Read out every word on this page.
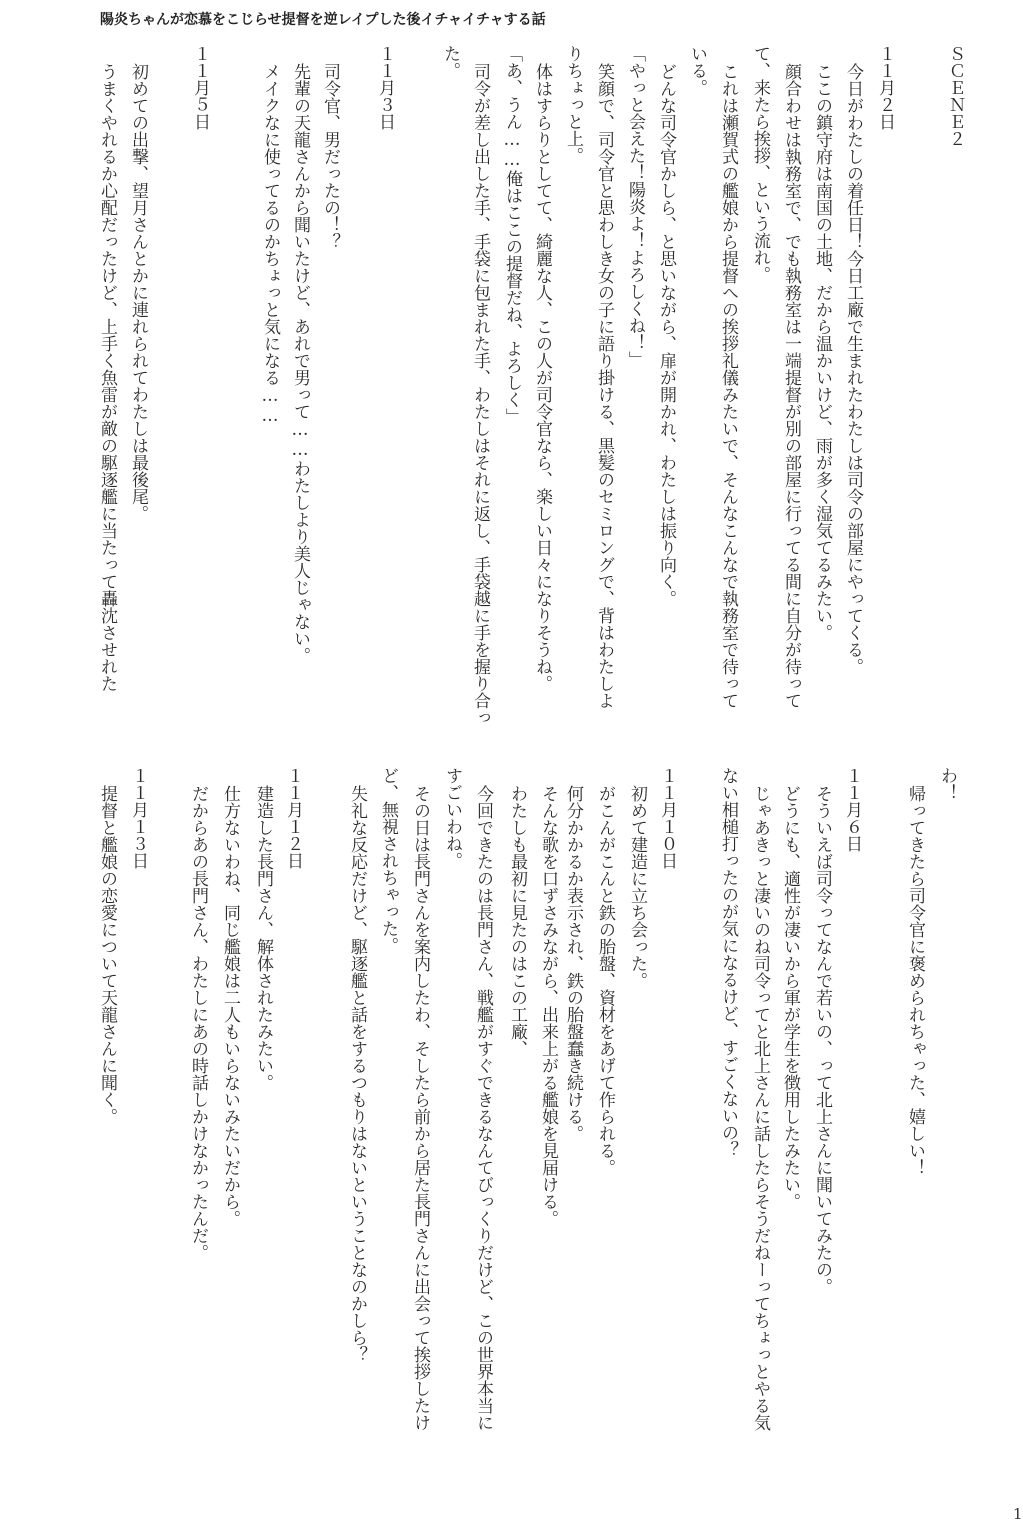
陽炎ちゃんが恋慕をこじらせ提督を逆レイプした後イチャイチャする話
ＳＣＥＮＥ２
１１月２日
今日がわたしの着任日！今日工廠で生まれたわたしは司令の部屋にやってくる。
ここの鎮守府は南国の土地、だから温かいけど、雨が多く湿気てるみたい。
顔合わせは執務室で、でも執務室は一端提督が別の部屋に行ってる間に自分が待って
て、来たら挨拶、という流れ。
これは瀬賀式の艦娘から提督への挨拶礼儀みたいで、そんなこんなで執務室で待って
いる。
どんな司令官かしら、と思いながら、扉が開かれ、わたしは振り向く。
「やっと会えた！陽炎よ！よろしくね！」
笑顔で、司令官と思わしき女の子に語り掛ける、黒髪のセミロングで、背はわたしよ
りちょっと上。
体はすらりとしてて、綺麗な人、この人が司令官なら、楽しい日々になりそうね。
「あ、うん……俺はここの提督だね、よろしく」
司令が差し出した手、手袋に包まれた手、わたしはそれに返し、手袋越に手を握り合っ
た。
１１月３日
司令官、男だったの！？
先輩の天龍さんから聞いたけど、あれで男って……わたしより美人じゃない。
メイクなに使ってるのかちょっと気になる……
１１月５日
初めての出撃、望月さんとかに連れられてわたしは最後尾。
うまくやれるか心配だったけど、上手く魚雷が敵の駆逐艦に当たって轟沈させれた
わ！
帰ってきたら司令官に褒められちゃった、嬉しい！
１１月６日
そういえば司令ってなんで若いの、って北上さんに聞いてみたの。
どうにも、適性が凄いから軍が学生を徴用したみたい。
じゃあきっと凄いのね司令ってと北上さんに話したらそうだねーってちょっとやる気
ない相槌打ったのが気になるけど、すごくないの？
１１月１０日
初めて建造に立ち会った。
がこんがこんと鉄の胎盤、資材をあげて作られる。
何分かかるか表示され、鉄の胎盤蠢き続ける。
そんな歌を口ずさみながら、出来上がる艦娘を見届ける。
わたしも最初に見たのはこの工廠、
今回できたのは長門さん、戦艦がすぐできるなんてびっくりだけど、この世界本当に
すごいわね。
その日は長門さんを案内したわ、そしたら前から居た長門さんに出会って挨拶したけ
ど、無視されちゃった。
失礼な反応だけど、駆逐艦と話をするつもりはないということなのかしら？
１１月１２日
建造した長門さん、解体されたみたい。
仕方ないわね、同じ艦娘は二人もいらないみたいだから。
だからあの長門さん、わたしにあの時話しかけなかったんだ。
１１月１３日
提督と艦娘の恋愛について天龍さんに聞く。
1
